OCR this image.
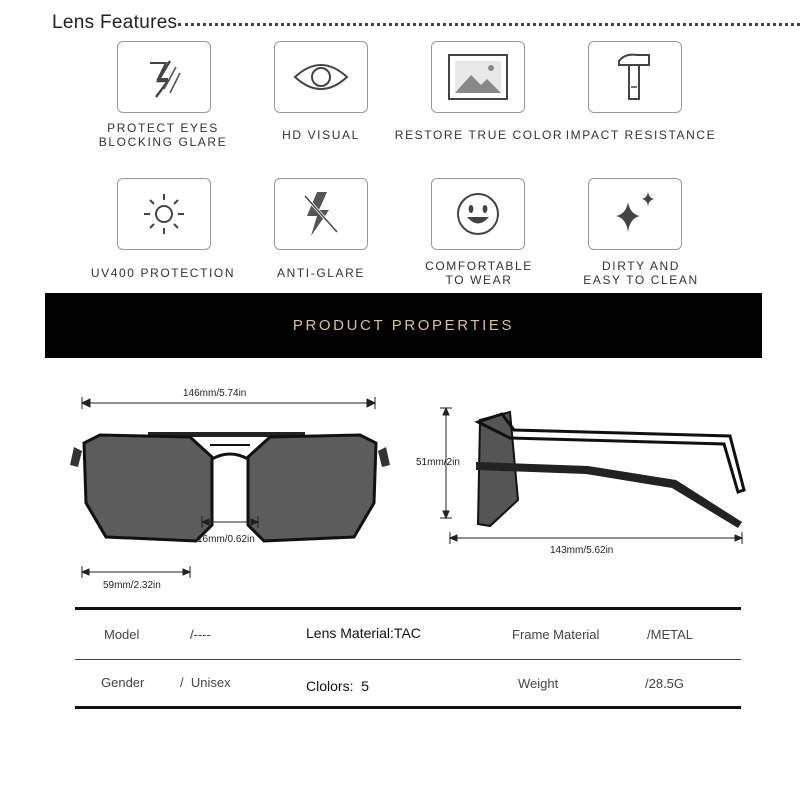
Lens Features
PROTECT EYES
BLOCKING GLARE	HD VISUAL	RESTORE TRUE COLOR IMPACT RESISTANCE
UV400 PROTECTION	ANTI-GLARE	COMFORTABLE
TO WEAR
DIRTY AND
EASY TO CLEAN
PRODUCT PROPERTIES
146mm/5.74in
16mm/0.62in
59mm/2.32in
51mm/2in
143mm/5.62in
Model	/----	Lens Material:TAC	Frame Material	/METAL
Gender	/  Unisex	Clolors:  5	Weight	/28.5G
